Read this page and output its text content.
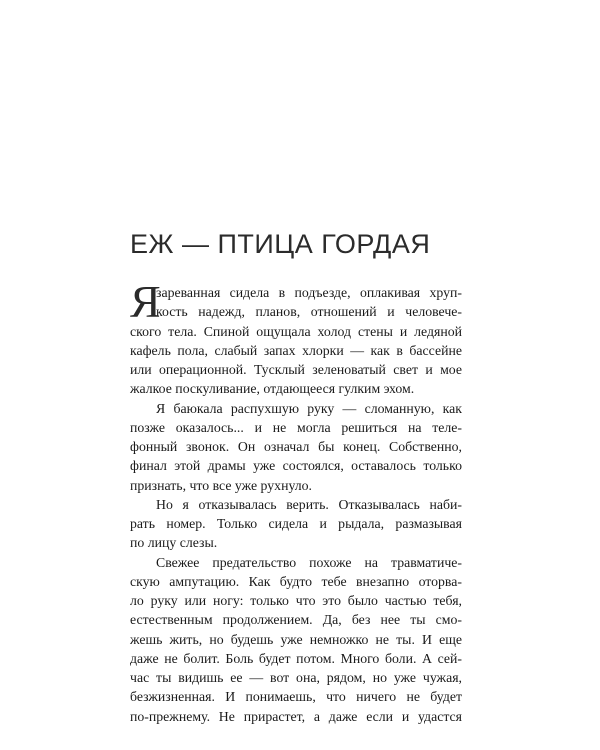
ЕЖ — ПТИЦА ГОРДАЯ
Я
зареванная сидела в подъезде, оплакивая хруп-
кость надежд, планов, отношений и человече-
ского тела. Спиной ощущала холод стены и ледяной
кафель пола, слабый запах хлорки — как в бассейне
или операционной. Тусклый зеленоватый свет и мое
жалкое поскуливание, отдающееся гулким эхом.
Я баюкала распухшую руку — сломанную, как
позже оказалось... и не могла решиться на теле-
фонный звонок. Он означал бы конец. Собственно,
финал этой драмы уже состоялся, оставалось только
признать, что все уже рухнуло.
Но я отказывалась верить. Отказывалась наби-
рать номер. Только сидела и рыдала, размазывая
по лицу слезы.
Свежее предательство похоже на травматиче-
скую ампутацию. Как будто тебе внезапно оторва-
ло руку или ногу: только что это было частью тебя,
естественным продолжением. Да, без нее ты смо-
жешь жить, но будешь уже немножко не ты. И еще
даже не болит. Боль будет потом. Много боли. А сей-
час ты видишь ее — вот она, рядом, но уже чужая,
безжизненная. И понимаешь, что ничего не будет
по-прежнему. Не прирастет, а даже если и удастся
